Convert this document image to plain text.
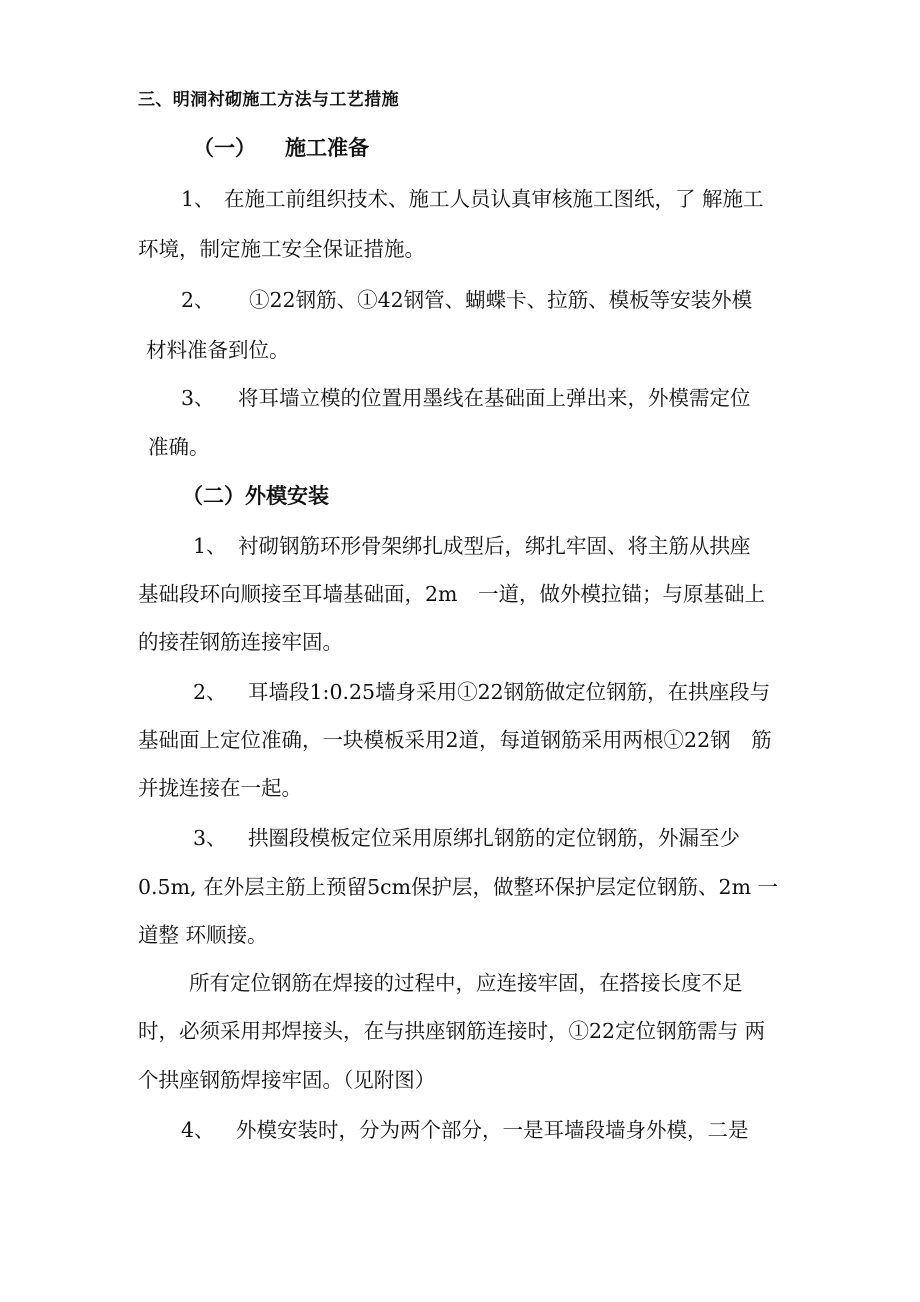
三、明洞衬砌施工方法与工艺措施
（一） 施工准备
1、 在施工前组织技术、施工人员认真审核施工图纸，了 解施工
环境，制定施工安全保证措施。
2、 ①22钢筋、①42钢管、蝴蝶卡、拉筋、模板等安装外模
材料准备到位。
3、 将耳墙立模的位置用墨线在基础面上弹出来，外模需定位
准确。
（二）外模安装
1、 衬砌钢筋环形骨架绑扎成型后，绑扎牢固、将主筋从拱座
基础段环向顺接至耳墙基础面，2m　一道，做外模拉锚；与原基础上
的接茬钢筋连接牢固。
2、 耳墙段1:0.25墙身采用①22钢筋做定位钢筋，在拱座段与
基础面上定位准确，一块模板采用2道，每道钢筋采用两根①22钢　筋
并拢连接在一起。
3、 拱圈段模板定位采用原绑扎钢筋的定位钢筋，外漏至少
0.5m, 在外层主筋上预留5cm保护层，做整环保护层定位钢筋、2m 一
道整 环顺接。
所有定位钢筋在焊接的过程中，应连接牢固，在搭接长度不足
时，必须采用邦焊接头，在与拱座钢筋连接时，①22定位钢筋需与 两
个拱座钢筋焊接牢固。（见附图）
4、 外模安装时，分为两个部分，一是耳墙段墙身外模，二是
